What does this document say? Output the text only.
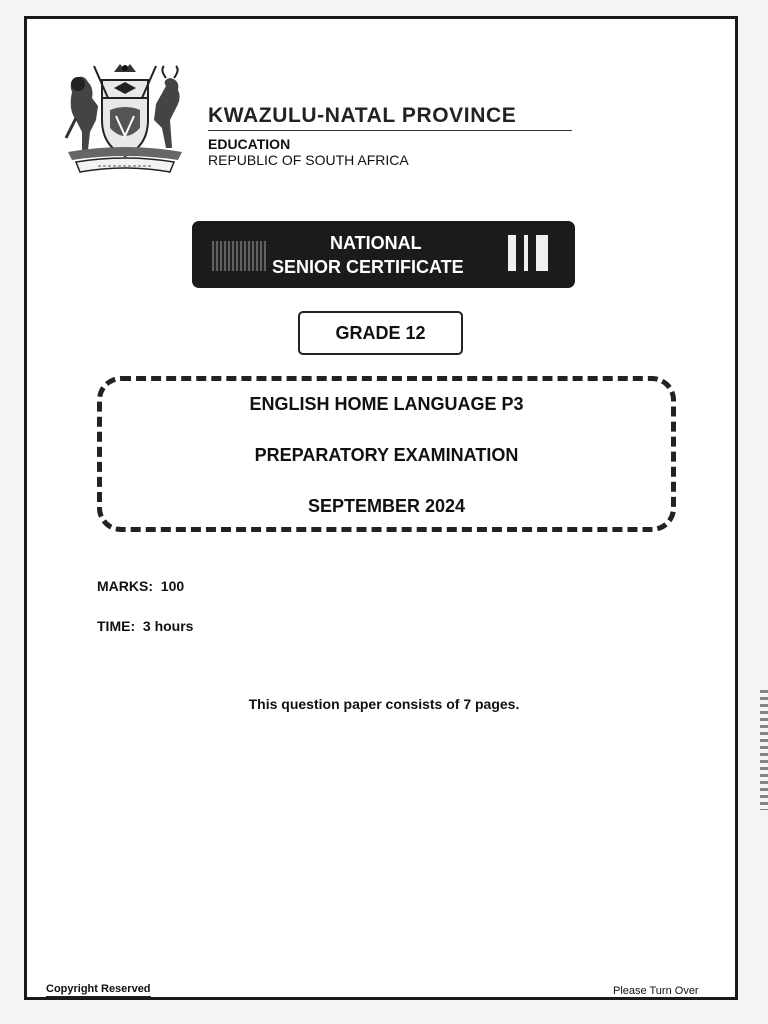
KWAZULU-NATAL PROVINCE
EDUCATION
REPUBLIC OF SOUTH AFRICA
NATIONAL
SENIOR CERTIFICATE
GRADE 12
ENGLISH HOME LANGUAGE P3
PREPARATORY EXAMINATION
SEPTEMBER 2024
MARKS: 100
TIME: 3 hours
This question paper consists of 7 pages.
Copyright Reserved	Please Turn Over
